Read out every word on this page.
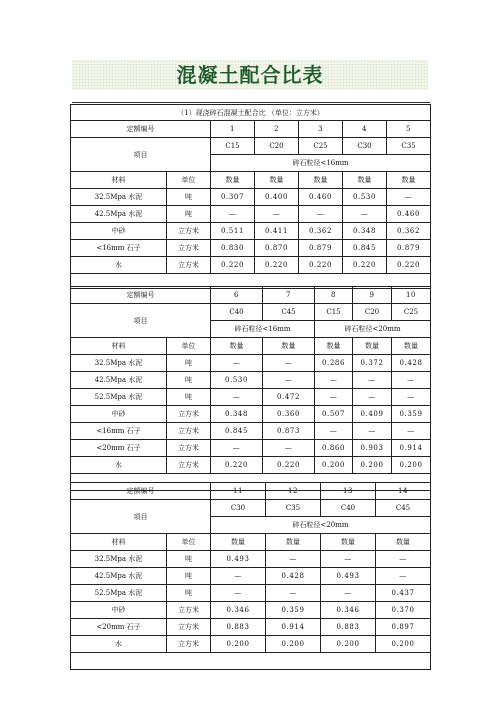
混凝土配合比表
（1）现浇碎石混凝土配合比 （单位：立方米）						
定额编号		1	2	3	4	5
项目		C15	C20	C25	C30	C35
		碎石粒径<16mm				
材料	单位	数量	数量	数量	数量	数量
32.5Mpa 水泥	吨	0.307	0.400	0.460	0.530	—
42.5Mpa 水泥	吨	—	—	—	—	0.460
中砂	立方米	0.511	0.411	0.362	0.348	0.362
<16mm 石子	立方米	0.830	0.870	0.879	0.845	0.879
水	立方米	0.220	0.220	0.220	0.220	0.220

定额编号		6	7	8	9	10
项目		C40	C45	C15	C20	C25
		碎石粒径<16mm		碎石粒径<20mm		
材料	单位	数量	数量	数量	数量	数量
32.5Mpa 水泥	吨	—	—	0.286	0.372	0.428
42.5Mpa 水泥	吨	0.530	—	—	—	—
52.5Mpa 水泥	吨	—	0.472	—	—	—
中砂	立方米	0.348	0.360	0.507	0.409	0.359
<16mm 石子	立方米	0.845	0.873	—	—	—
<20mm 石子	立方米	—	—	0.860	0.903	0.914
水	立方米	0.220	0.220	0.200	0.200	0.200

定额编号		11	12	13	14
项目		C30	C35	C40	C45
		碎石粒径<20mm			
材料	单位	数量	数量	数量	数量
32.5Mpa 水泥	吨	0.493	—	—	—
42.5Mpa 水泥	吨	—	0.428	0.493	—
52.5Mpa 水泥	吨	—	—	—	0.437
中砂	立方米	0.346	0.359	0.346	0.370
<20mm 石子	立方米	0.883	0.914	0.883	0.897
水	立方米	0.200	0.200	0.200	0.200
